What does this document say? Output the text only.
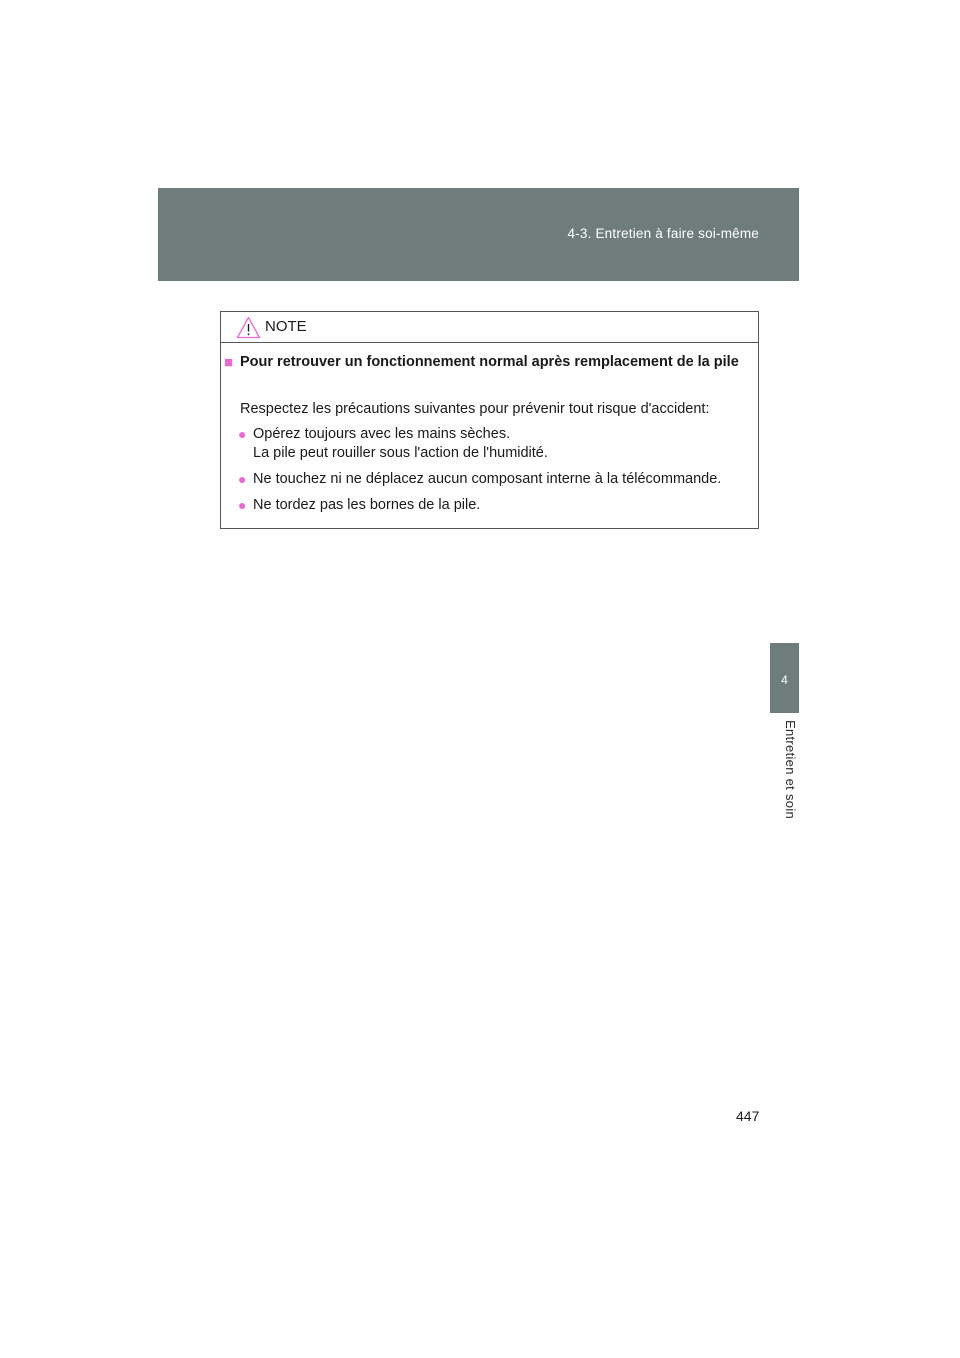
4-3. Entretien à faire soi-même
4
Entretien et soin
NOTE
■ Pour retrouver un fonctionnement normal après remplacement de la pile
Respectez les précautions suivantes pour prévenir tout risque d'accident:
● Opérez toujours avec les mains sèches.
La pile peut rouiller sous l'action de l'humidité.
● Ne touchez ni ne déplacez aucun composant interne à la télécommande.
● Ne tordez pas les bornes de la pile.
447
